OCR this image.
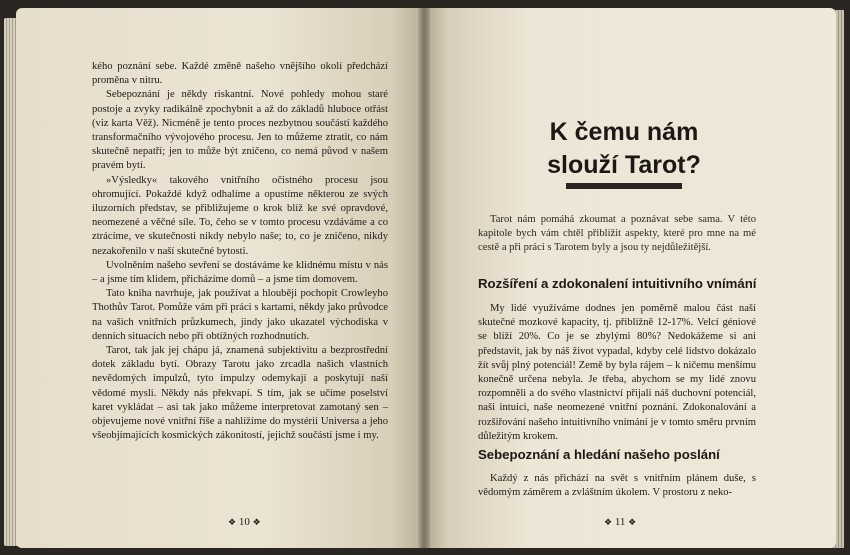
kého poznání sebe. Každé změně našeho vnějšího okolí předchází proměna v nitru.

Sebepoznání je někdy riskantní. Nové pohledy mohou staré postoje a zvyky radikálně zpochybnit a až do základů hluboce otřást (viz karta Věž). Nicméně je tento proces nezbytnou součástí každého transformačního vývojového procesu. Jen to můžeme ztratit, co nám skutečně nepatří; jen to může být zničeno, co nemá původ v našem pravém bytí.

»Výsledky« takového vnitřního očistného procesu jsou ohromující. Pokaždé když odhalíme a opustíme některou ze svých iluzorních představ, se přibližujeme o krok blíž ke své opravdové, neomezené a věčné síle. To, čeho se v tomto procesu vzdáváme a co ztrácíme, ve skutečnosti nikdy nebylo naše; to, co je zničeno, nikdy nezakořenilo v naší skutečné bytosti.

Uvolněním našeho sevření se dostáváme ke klidnému místu v nás – a jsme tím klidem, přicházíme domů – a jsme tím domovem.

Tato kniha navrhuje, jak používat a hlouběji pochopit Crowleyho Thothův Tarot. Pomůže vám při práci s kartami, někdy jako průvodce na vašich vnitřních průzkumech, jindy jako ukazatel východiska v denních situacích nebo při obtížných rozhodnutích.

Tarot, tak jak jej chápu já, znamená subjektivitu a bezprostřední dotek základu bytí. Obrazy Tarotu jako zrcadla našich vlastních nevědomých impulzů, tyto impulzy odemykají a poskytují naší vědomé mysli. Někdy nás překvapí. S tím, jak se učíme poselství karet vykládat – asi tak jako můžeme interpretovat zamotaný sen – objevujeme nové vnitřní říše a nahlížíme do mystérií Universa a jeho všeobjímajících kosmických zákonitostí, jejichž součástí jsme i my.

❖ 10 ❖
K čemu nám
slouží Tarot?

Tarot nám pomáhá zkoumat a poznávat sebe sama. V této kapitole bych vám chtěl přiblížit aspekty, které pro mne na mé cestě a při práci s Tarotem byly a jsou ty nejdůležitější.

Rozšíření a zdokonalení intuitivního vnímání

My lidé využíváme dodnes jen poměrně malou část naší skutečné mozkové kapacity, tj. přibližně 12-17%. Velcí géniové se blíží 20%. Co je se zbylými 80%? Nedokážeme si ani představit, jak by náš život vypadal, kdyby celé lidstvo dokázalo žít svůj plný potenciál! Země by byla rájem – k ničemu menšímu konečně určena nebyla. Je třeba, abychom se my lidé znovu rozpomněli a do svého vlastnictví přijali náš duchovní potenciál, naši intuici, naše neomezené vnitřní poznání. Zdokonalování a rozšiřování našeho intuitivního vnímání je v tomto směru prvním důležitým krokem.

Sebepoznání a hledání našeho poslání

Každý z nás přichází na svět s vnitřním plánem duše, s vědomým záměrem a zvláštním úkolem. V prostoru z neko-

❖ 11 ❖
